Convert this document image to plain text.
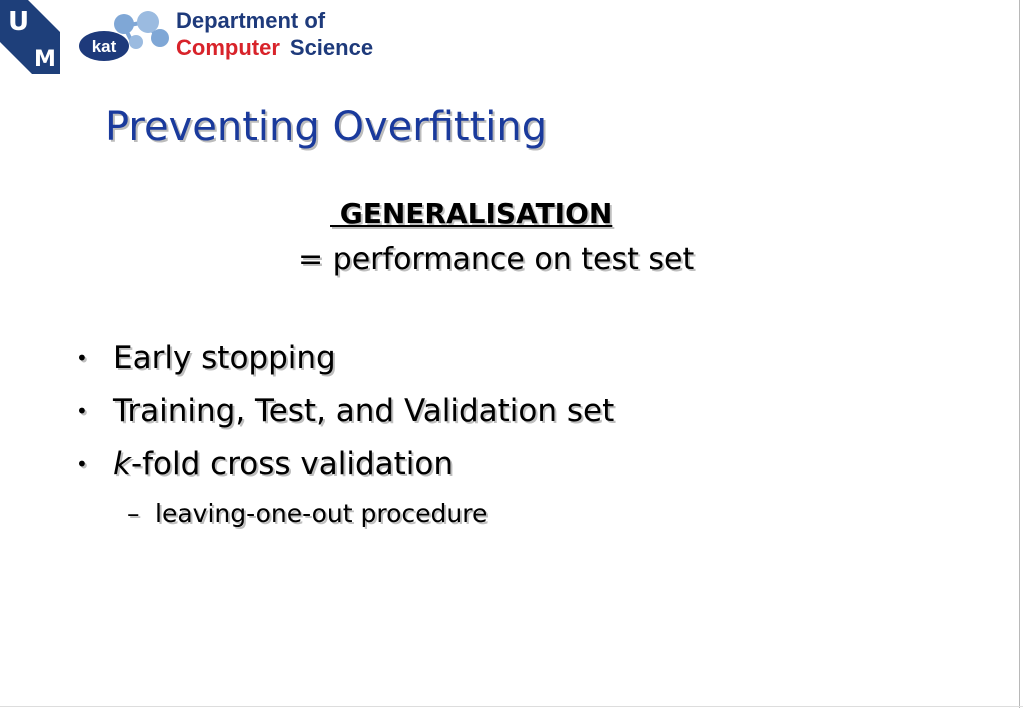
U
M
kat
Department of
Computer Science
Preventing Overfitting
GENERALISATION
= performance on test set
• Early stopping
• Training, Test, and Validation set
• k-fold cross validation
– leaving-one-out procedure
